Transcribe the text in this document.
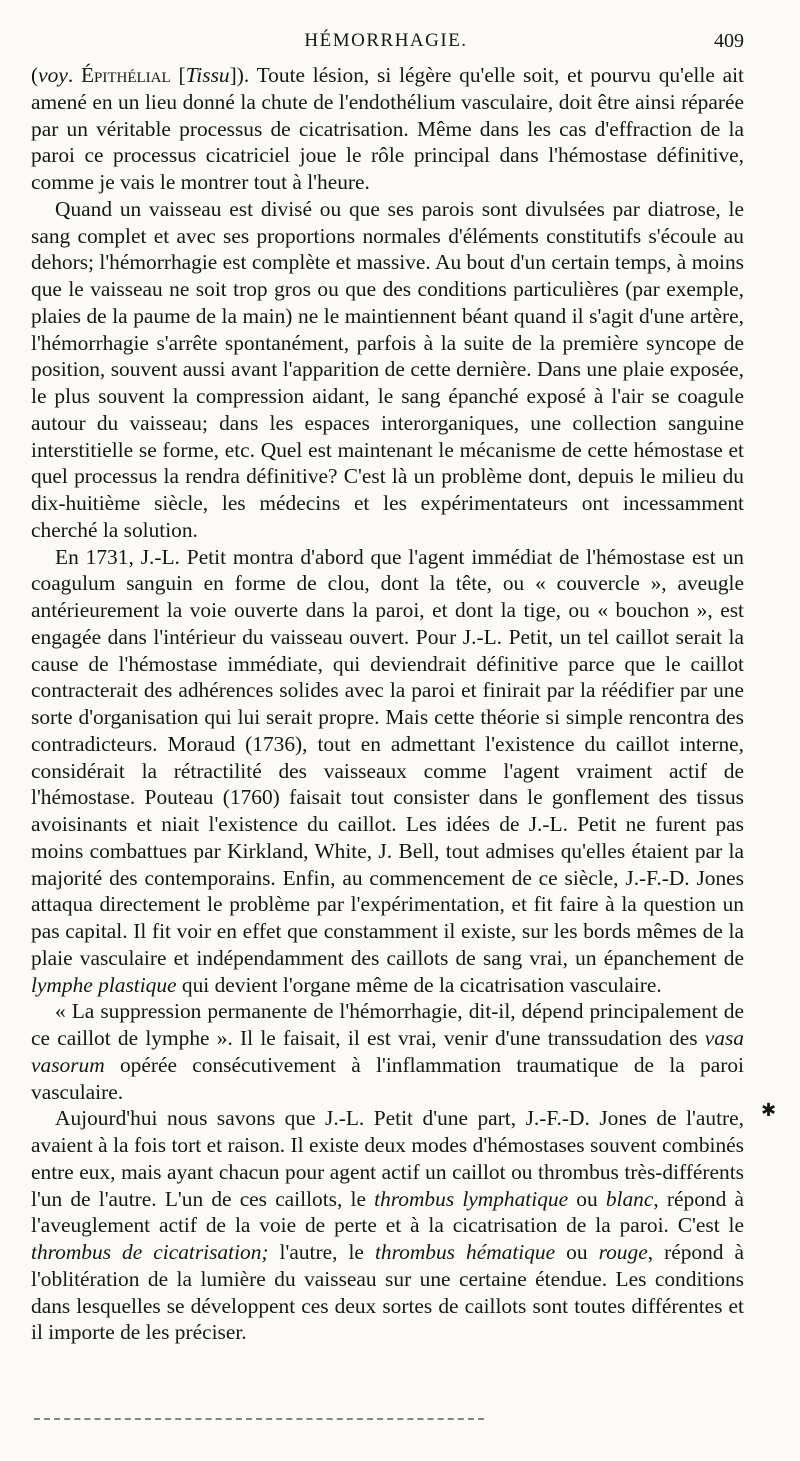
HÉMORRHAGIE.	409

(voy. Épithélial [Tissu]). Toute lésion, si légère qu'elle soit, et pourvu qu'elle ait amené en un lieu donné la chute de l'endothélium vasculaire, doit être ainsi réparée par un véritable processus de cicatrisation. Même dans les cas d'effraction de la paroi ce processus cicatriciel joue le rôle principal dans l'hémostase définitive, comme je vais le montrer tout à l'heure.

Quand un vaisseau est divisé ou que ses parois sont divulsées par diatrose, le sang complet et avec ses proportions normales d'éléments constitutifs s'écoule au dehors; l'hémorrhagie est complète et massive. Au bout d'un certain temps, à moins que le vaisseau ne soit trop gros ou que des conditions particulières (par exemple, plaies de la paume de la main) ne le maintiennent béant quand il s'agit d'une artère, l'hémorrhagie s'arrête spontanément, parfois à la suite de la première syncope de position, souvent aussi avant l'apparition de cette dernière. Dans une plaie exposée, le plus souvent la compression aidant, le sang épanché exposé à l'air se coagule autour du vaisseau; dans les espaces interorganiques, une collection sanguine interstitielle se forme, etc. Quel est maintenant le mécanisme de cette hémostase et quel processus la rendra définitive? C'est là un problème dont, depuis le milieu du dix-huitième siècle, les médecins et les expérimentateurs ont incessamment cherché la solution.

En 1731, J.-L. Petit montra d'abord que l'agent immédiat de l'hémostase est un coagulum sanguin en forme de clou, dont la tête, ou « couvercle », aveugle antérieurement la voie ouverte dans la paroi, et dont la tige, ou « bouchon », est engagée dans l'intérieur du vaisseau ouvert. Pour J.-L. Petit, un tel caillot serait la cause de l'hémostase immédiate, qui deviendrait définitive parce que le caillot contracterait des adhérences solides avec la paroi et finirait par la réédifier par une sorte d'organisation qui lui serait propre. Mais cette théorie si simple rencontra des contradicteurs. Moraud (1736), tout en admettant l'existence du caillot interne, considérait la rétractilité des vaisseaux comme l'agent vraiment actif de l'hémostase. Pouteau (1760) faisait tout consister dans le gonflement des tissus avoisinants et niait l'existence du caillot. Les idées de J.-L. Petit ne furent pas moins combattues par Kirkland, White, J. Bell, tout admises qu'elles étaient par la majorité des contemporains. Enfin, au commencement de ce siècle, J.-F.-D. Jones attaqua directement le problème par l'expérimentation, et fit faire à la question un pas capital. Il fit voir en effet que constamment il existe, sur les bords mêmes de la plaie vasculaire et indépendamment des caillots de sang vrai, un épanchement de lymphe plastique qui devient l'organe même de la cicatrisation vasculaire.

« La suppression permanente de l'hémorrhagie, dit-il, dépend principalement de ce caillot de lymphe ». Il le faisait, il est vrai, venir d'une transsudation des vasa vasorum opérée consécutivement à l'inflammation traumatique de la paroi vasculaire.

Aujourd'hui nous savons que J.-L. Petit d'une part, J.-F.-D. Jones de l'autre, avaient à la fois tort et raison. Il existe deux modes d'hémostases souvent combinés entre eux, mais ayant chacun pour agent actif un caillot ou thrombus très-différents l'un de l'autre. L'un de ces caillots, le thrombus lymphatique ou blanc, répond à l'aveuglement actif de la voie de perte et à la cicatrisation de la paroi. C'est le thrombus de cicatrisation; l'autre, le thrombus hématique ou rouge, répond à l'oblitération de la lumière du vaisseau sur une certaine étendue. Les conditions dans lesquelles se développent ces deux sortes de caillots sont toutes différentes et il importe de les préciser.

✱
